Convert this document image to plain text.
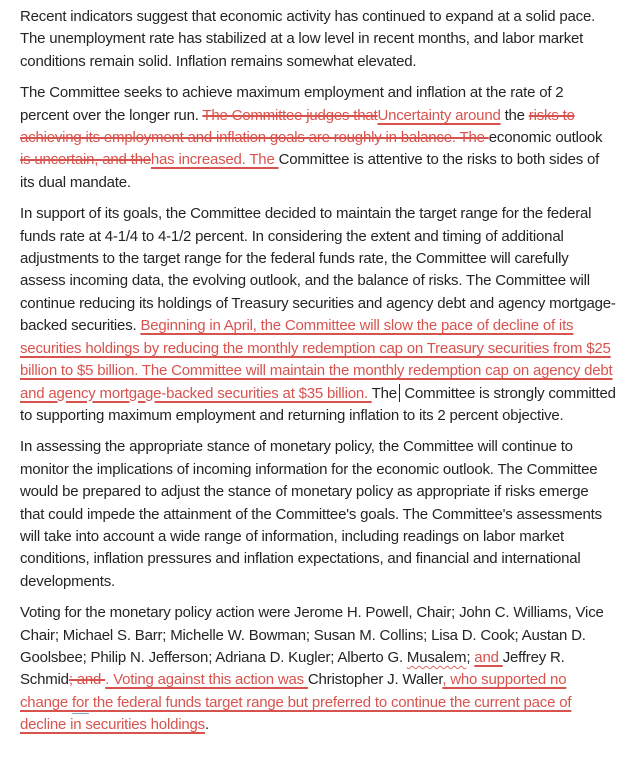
Recent indicators suggest that economic activity has continued to expand at a solid pace. The unemployment rate has stabilized at a low level in recent months, and labor market conditions remain solid. Inflation remains somewhat elevated.

The Committee seeks to achieve maximum employment and inflation at the rate of 2 percent over the longer run. The Committee judges thatUncertainty around the risks to achieving its employment and inflation goals are roughly in balance. The economic outlook is uncertain, and thehas increased. The Committee is attentive to the risks to both sides of its dual mandate.

In support of its goals, the Committee decided to maintain the target range for the federal funds rate at 4-1/4 to 4-1/2 percent. In considering the extent and timing of additional adjustments to the target range for the federal funds rate, the Committee will carefully assess incoming data, the evolving outlook, and the balance of risks. The Committee will continue reducing its holdings of Treasury securities and agency debt and agency mortgage-backed securities. Beginning in April, the Committee will slow the pace of decline of its securities holdings by reducing the monthly redemption cap on Treasury securities from $25 billion to $5 billion. The Committee will maintain the monthly redemption cap on agency debt and agency mortgage-backed securities at $35 billion. The Committee is strongly committed to supporting maximum employment and returning inflation to its 2 percent objective.

In assessing the appropriate stance of monetary policy, the Committee will continue to monitor the implications of incoming information for the economic outlook. The Committee would be prepared to adjust the stance of monetary policy as appropriate if risks emerge that could impede the attainment of the Committee's goals. The Committee's assessments will take into account a wide range of information, including readings on labor market conditions, inflation pressures and inflation expectations, and financial and international developments.

Voting for the monetary policy action were Jerome H. Powell, Chair; John C. Williams, Vice Chair; Michael S. Barr; Michelle W. Bowman; Susan M. Collins; Lisa D. Cook; Austan D. Goolsbee; Philip N. Jefferson; Adriana D. Kugler; Alberto G. Musalem; and Jeffrey R. Schmid; and . Voting against this action was Christopher J. Waller, who supported no change for the federal funds target range but preferred to continue the current pace of decline in securities holdings.
